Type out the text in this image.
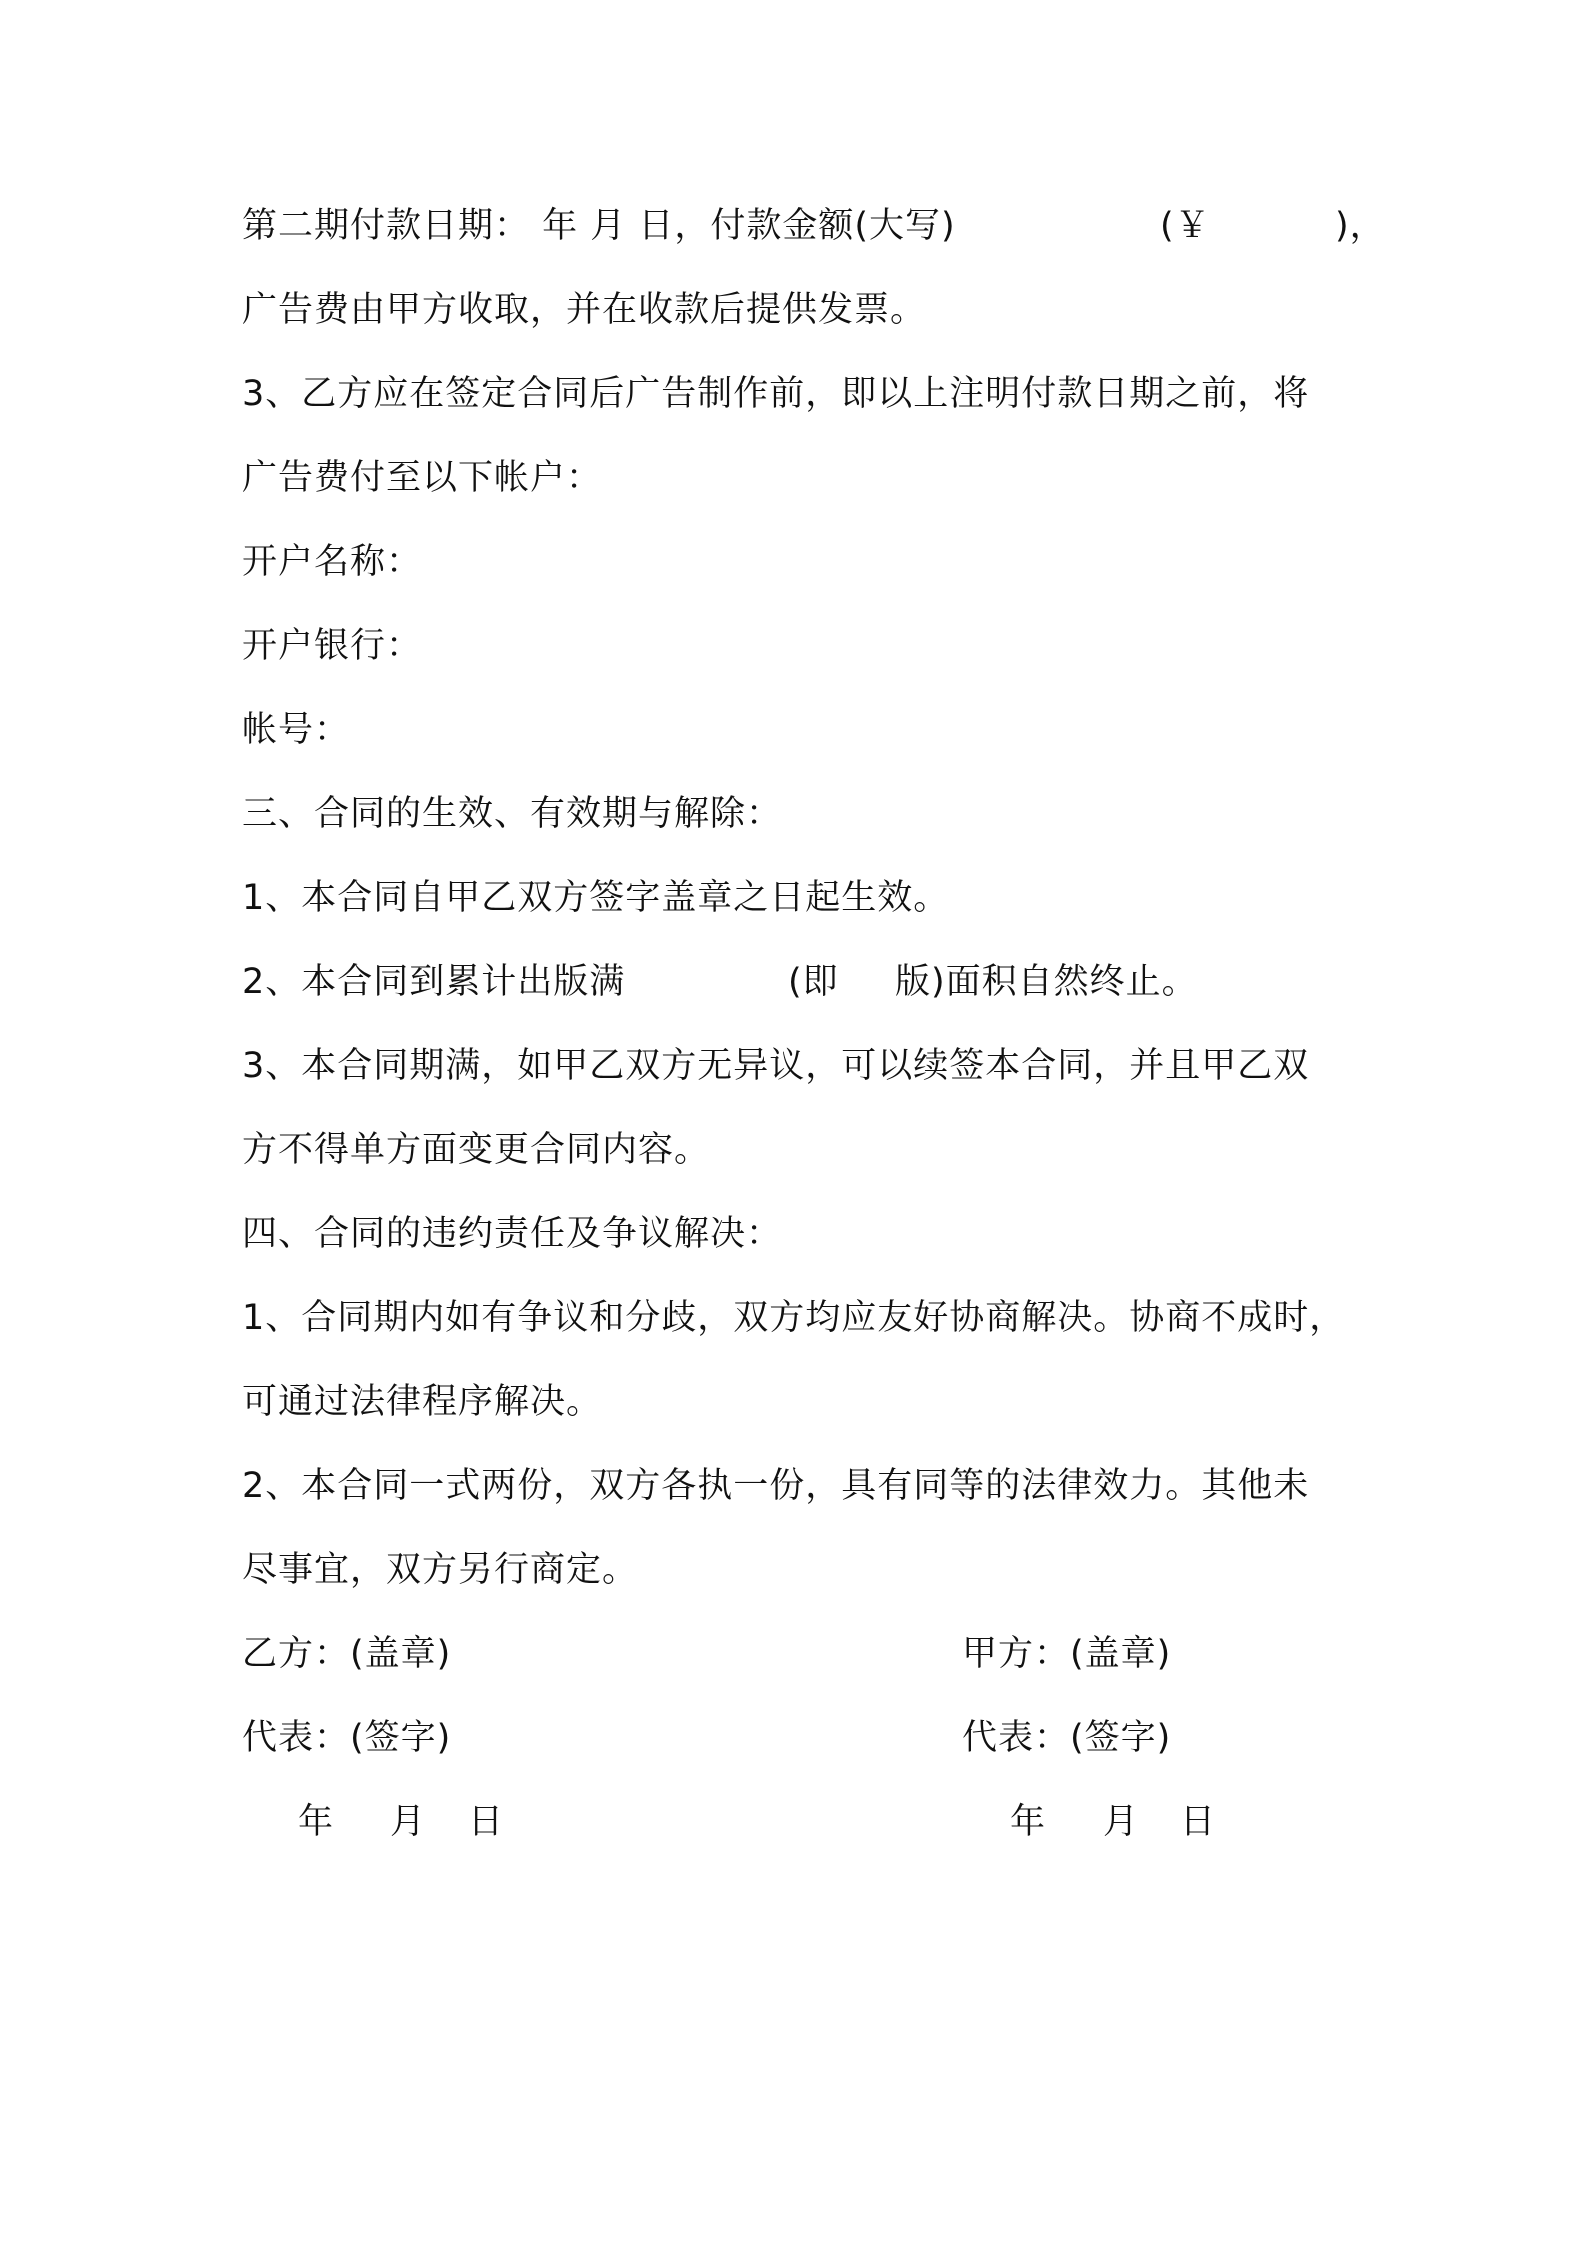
第二期付款日期： 年 月 日，付款金额(大写)	(￥	)，
广告费由甲方收取，并在收款后提供发票。
3、乙方应在签定合同后广告制作前，即以上注明付款日期之前，将
广告费付至以下帐户：
开户名称：
开户银行：
帐号：
三、合同的生效、有效期与解除：
1、本合同自甲乙双方签字盖章之日起生效。
2、本合同到累计出版满	(即 版)面积自然终止。
3、本合同期满，如甲乙双方无异议，可以续签本合同，并且甲乙双
方不得单方面变更合同内容。
四、合同的违约责任及争议解决：
1、合同期内如有争议和分歧，双方均应友好协商解决。协商不成时，
可通过法律程序解决。
2、本合同一式两份，双方各执一份，具有同等的法律效力。其他未
尽事宜，双方另行商定。
乙方：(盖章)	甲方：(盖章)
代表：(签字)	代表：(签字)
年 月 日	年 月 日
